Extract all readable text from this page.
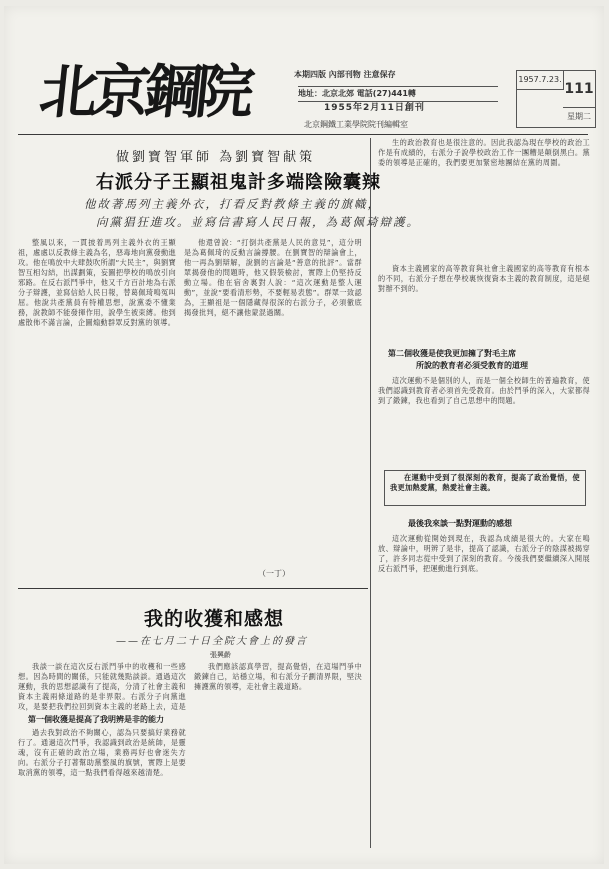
北京鋼院	本期四版 內部刊物 注意保存
地址：北京北郊 電話(27)441轉
1955年2月11日創刊
北京鋼鐵工業學院院刊編輯室
1957.7.23.
111
星期二
做劉寶智軍師 為劉寶智献策
右派分子王顯祖鬼計多端陰險囊辣
他故著馬列主義外衣，打看反對教條主義的旗幟，
向黨猖狂進攻。並寫信書寫人民日報，為葛佩琦辯護。
整風以來，一貫披着馬列主義外衣的王顯祖，處處以反教條主義為名，惡毒地向黨發動進攻。他在鳴放中大肆鼓吹所謂“大民主”，與劉寶智互相勾結，出謀劃策，妄圖把學校的鳴放引向邪路。在反右派鬥爭中，他又千方百計地為右派分子辯護，並寫信給人民日報，替葛佩琦鳴冤叫屈。他說共產黨員有特權思想，說黨委不懂業務，說教師不能發揮作用，說學生被束縛。他到處散佈不滿言論，企圖煽動群眾反對黨的領導。
他還曾說：“打倒共產黨是人民的意見”，這分明是為葛佩琦的反動言論撐腰。在劉寶智的辯論會上，他一再為劉辯解，說劉的言論是“善意的批評”。當群眾揭發他的問題時，他又假裝檢討，實際上仍堅持反動立場。他在宿舍裏對人說：“這次運動是整人運動”，並說“要看清形勢，不要輕易表態”。群眾一致認為，王顯祖是一個隱藏得很深的右派分子，必須徹底揭發批判，絕不讓他蒙混過關。
（一丁）
我的收獲和感想
——在七月二十日全院大會上的發言
張興齡
我談一談在這次反右派鬥爭中的收穫和一些感想。因為時間的關係，只能就幾點談談。通過這次運動，我的思想認識有了提高，分清了社會主義和資本主義兩條道路的是非界限。右派分子向黨進攻，是要把我們拉回到資本主義的老路上去，這是
第一個收獲是提高了我明辨是非的能力
過去我對政治不夠關心，認為只要搞好業務就行了。通過這次鬥爭，我認識到政治是統帥，是靈魂，沒有正確的政治立場，業務再好也會迷失方向。右派分子打著幫助黨整風的旗號，實際上是要取消黨的領導，這一點我們看得越來越清楚。
我們應該認真學習，提高覺悟，在這場鬥爭中鍛鍊自己，站穩立場，和右派分子劃清界限，堅決擁護黨的領導，走社會主義道路。
生的政治教育也是很注意的。因此我認為現在學校的政治工作是有成績的，右派分子說學校政治工作一團糟是顛倒黑白。黨委的領導是正確的，我們要更加緊密地團結在黨的周圍。
資本主義國家的高等教育與社會主義國家的高等教育有根本的不同，右派分子想在學校裏恢復資本主義的教育制度，這是絕對辦不到的。
第二個收獲是使我更加擁了對毛主席
所說的教育者必須受教育的道理
這次運動不是個別的人，而是一個全校師生的普遍教育，使我們認識到教育者必須首先受教育。由於鬥爭的深入，大家都得到了鍛鍊，我也看到了自己思想中的問題。
在運動中受到了很深刻的教育，提高了政治覺悟，使我更加熱愛黨，熱愛社會主義。
最後我來談一點對運動的感想
這次運動從開始到現在，我認為成績是很大的。大家在鳴放、辯論中，明辨了是非，提高了認識，右派分子的陰謀被揭穿了，許多同志從中受到了深刻的教育。今後我們要繼續深入開展反右派鬥爭，把運動進行到底。
